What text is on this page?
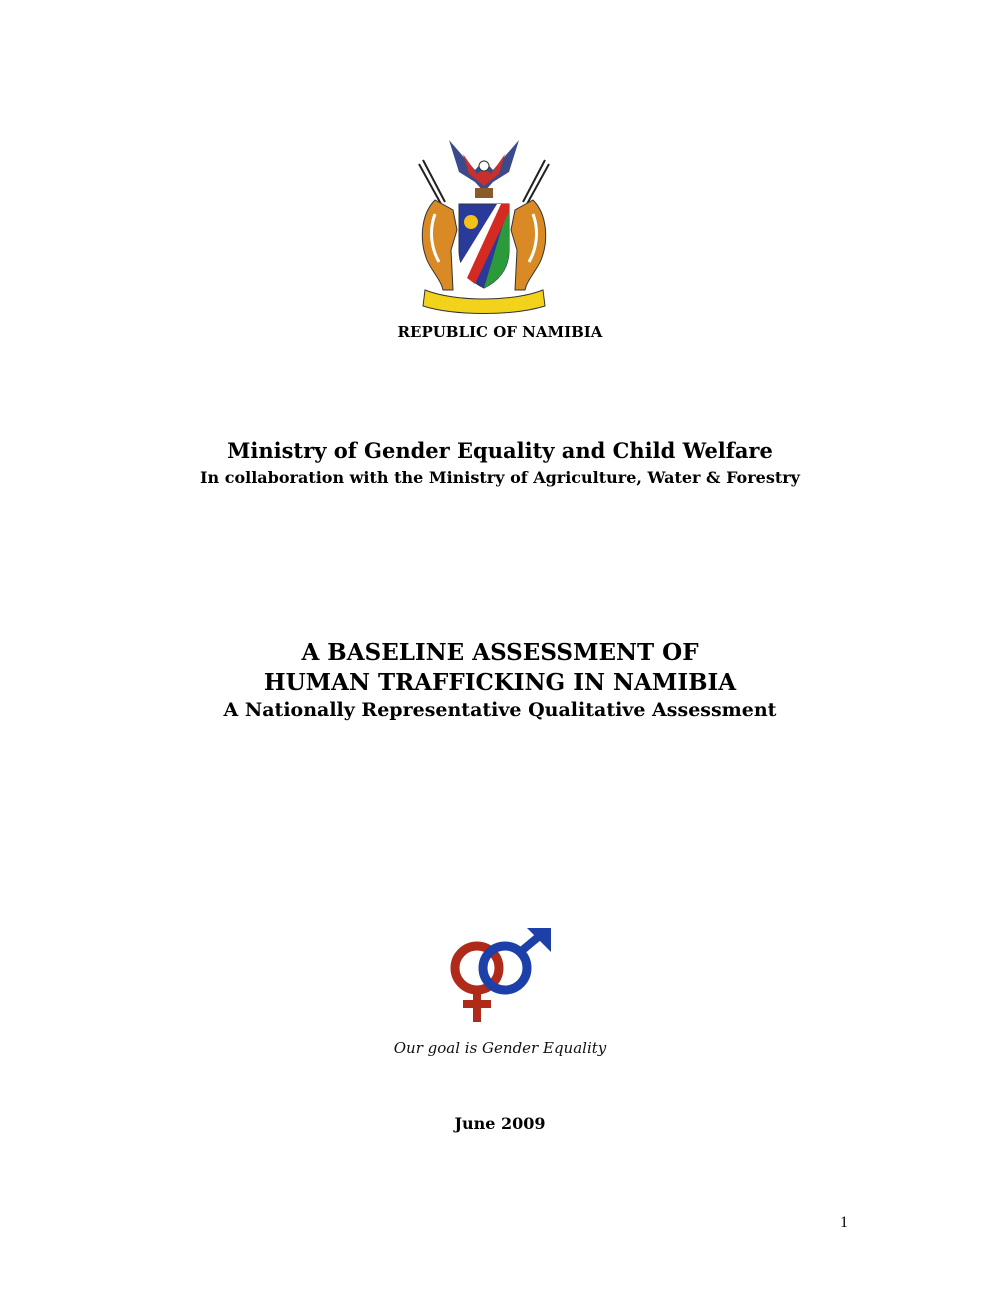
REPUBLIC OF NAMIBIA
Ministry of Gender Equality and Child Welfare
In collaboration with the Ministry of Agriculture, Water & Forestry
A BASELINE ASSESSMENT OF
HUMAN TRAFFICKING IN NAMIBIA
A Nationally Representative Qualitative Assessment
Our goal is Gender Equality
June 2009
1
